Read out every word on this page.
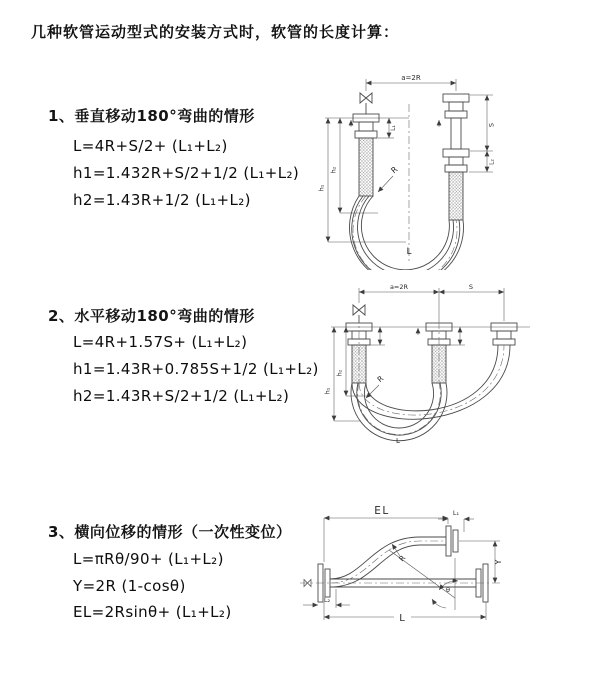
几种软管运动型式的安装方式时，软管的长度计算：
1、垂直移动180°弯曲的情形
L=4R+S/2+ (L₁+L₂)
h1=1.432R+S/2+1/2 (L₁+L₂)
h2=1.43R+1/2 (L₁+L₂)
2、水平移动180°弯曲的情形
L=4R+1.57S+ (L₁+L₂)
h1=1.43R+0.785S+1/2 (L₁+L₂)
h2=1.43R+S/2+1/2 (L₁+L₂)
3、横向位移的情形（一次性变位）
L=πRθ/90+ (L₁+L₂)
Y=2R (1-cosθ)
EL=2Rsinθ+ (L₁+L₂)
a=2R
S
L₂
L₁
h₂
h₁
R
L
a=2R	S
h₂
h₁
R
L
EL	L₁
Y
R
θ
L
L₂
